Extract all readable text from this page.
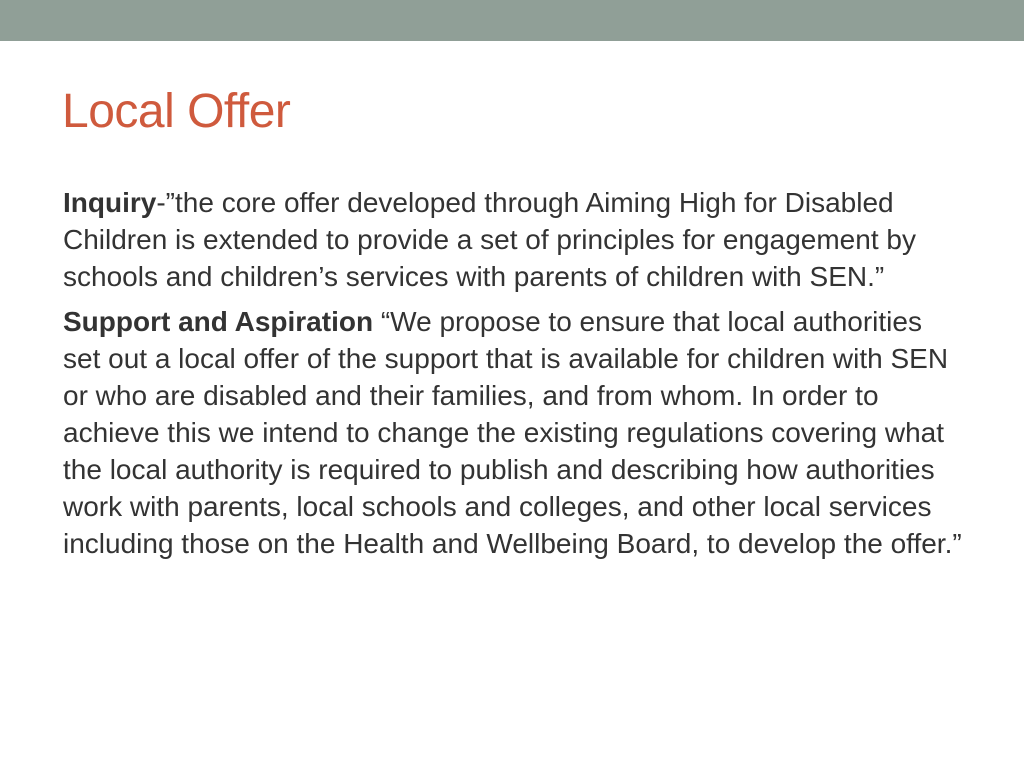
Local Offer

Inquiry-”the core offer developed through Aiming High for Disabled Children is extended to provide a set of principles for engagement by schools and children’s services with parents of children with SEN.”

Support and Aspiration “We propose to ensure that local authorities set out a local offer of the support that is available for children with SEN or who are disabled and their families, and from whom. In order to achieve this we intend to change the existing regulations covering what the local authority is required to publish and describing how authorities work with parents, local schools and colleges, and other local services including those on the Health and Wellbeing Board, to develop the offer.”
